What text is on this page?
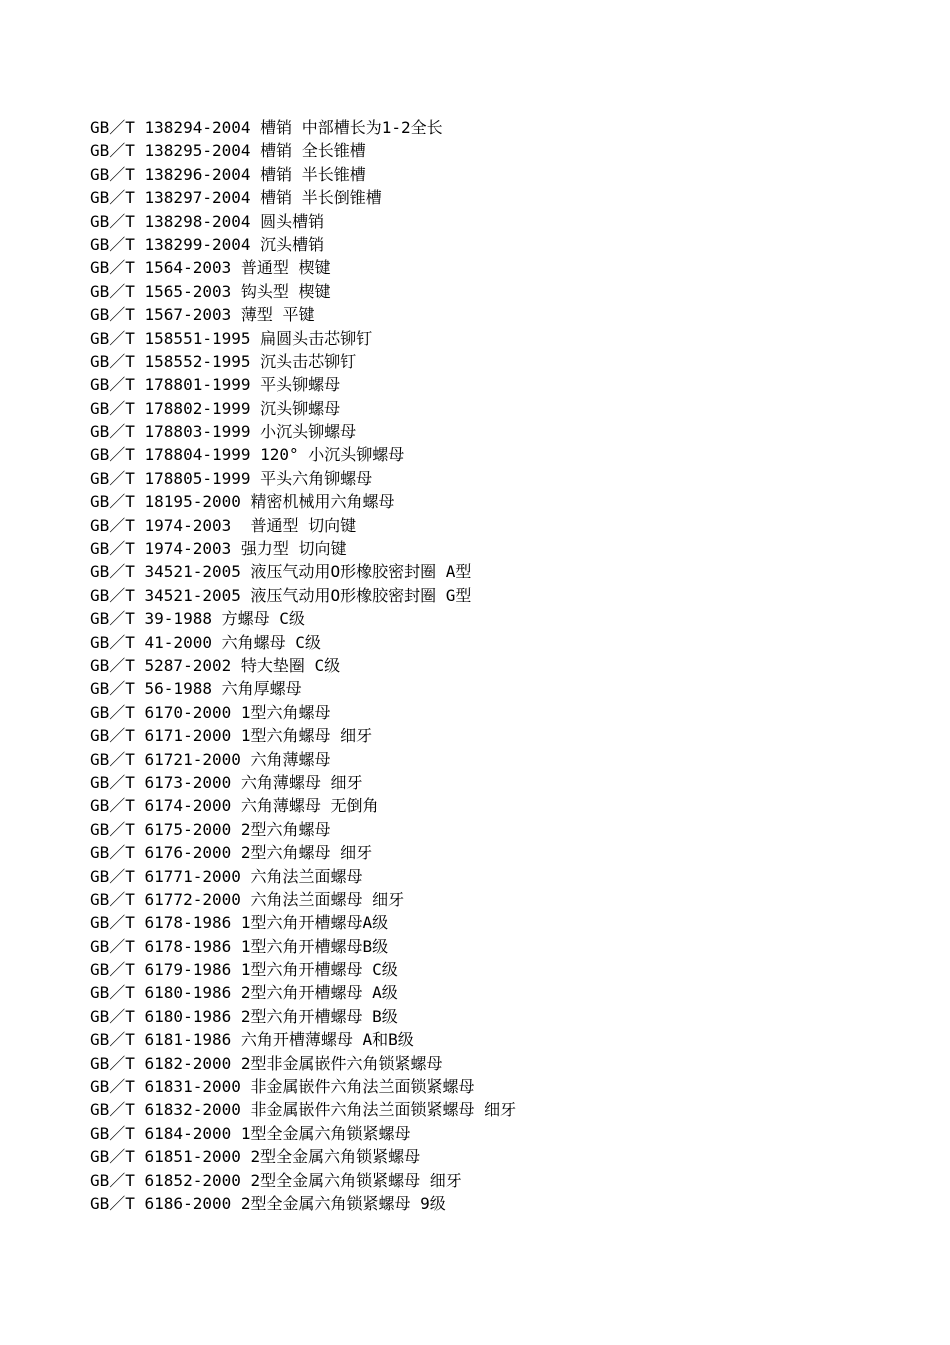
GB／T 138294-2004 槽销 中部槽长为1-2全长
GB／T 138295-2004 槽销 全长锥槽
GB／T 138296-2004 槽销 半长锥槽
GB／T 138297-2004 槽销 半长倒锥槽
GB／T 138298-2004 圆头槽销
GB／T 138299-2004 沉头槽销
GB／T 1564-2003 普通型 楔键
GB／T 1565-2003 钩头型 楔键
GB／T 1567-2003 薄型 平键
GB／T 158551-1995 扁圆头击芯铆钉
GB／T 158552-1995 沉头击芯铆钉
GB／T 178801-1999 平头铆螺母
GB／T 178802-1999 沉头铆螺母
GB／T 178803-1999 小沉头铆螺母
GB／T 178804-1999 120° 小沉头铆螺母
GB／T 178805-1999 平头六角铆螺母
GB／T 18195-2000 精密机械用六角螺母
GB／T 1974-2003  普通型 切向键
GB／T 1974-2003 强力型 切向键
GB／T 34521-2005 液压气动用O形橡胶密封圈 A型
GB／T 34521-2005 液压气动用O形橡胶密封圈 G型
GB／T 39-1988 方螺母 C级
GB／T 41-2000 六角螺母 C级
GB／T 5287-2002 特大垫圈 C级
GB／T 56-1988 六角厚螺母
GB／T 6170-2000 1型六角螺母
GB／T 6171-2000 1型六角螺母 细牙
GB／T 61721-2000 六角薄螺母
GB／T 6173-2000 六角薄螺母 细牙
GB／T 6174-2000 六角薄螺母 无倒角
GB／T 6175-2000 2型六角螺母
GB／T 6176-2000 2型六角螺母 细牙
GB／T 61771-2000 六角法兰面螺母
GB／T 61772-2000 六角法兰面螺母 细牙
GB／T 6178-1986 1型六角开槽螺母A级
GB／T 6178-1986 1型六角开槽螺母B级
GB／T 6179-1986 1型六角开槽螺母 C级
GB／T 6180-1986 2型六角开槽螺母 A级
GB／T 6180-1986 2型六角开槽螺母 B级
GB／T 6181-1986 六角开槽薄螺母 A和B级
GB／T 6182-2000 2型非金属嵌件六角锁紧螺母
GB／T 61831-2000 非金属嵌件六角法兰面锁紧螺母
GB／T 61832-2000 非金属嵌件六角法兰面锁紧螺母 细牙
GB／T 6184-2000 1型全金属六角锁紧螺母
GB／T 61851-2000 2型全金属六角锁紧螺母
GB／T 61852-2000 2型全金属六角锁紧螺母 细牙
GB／T 6186-2000 2型全金属六角锁紧螺母 9级
